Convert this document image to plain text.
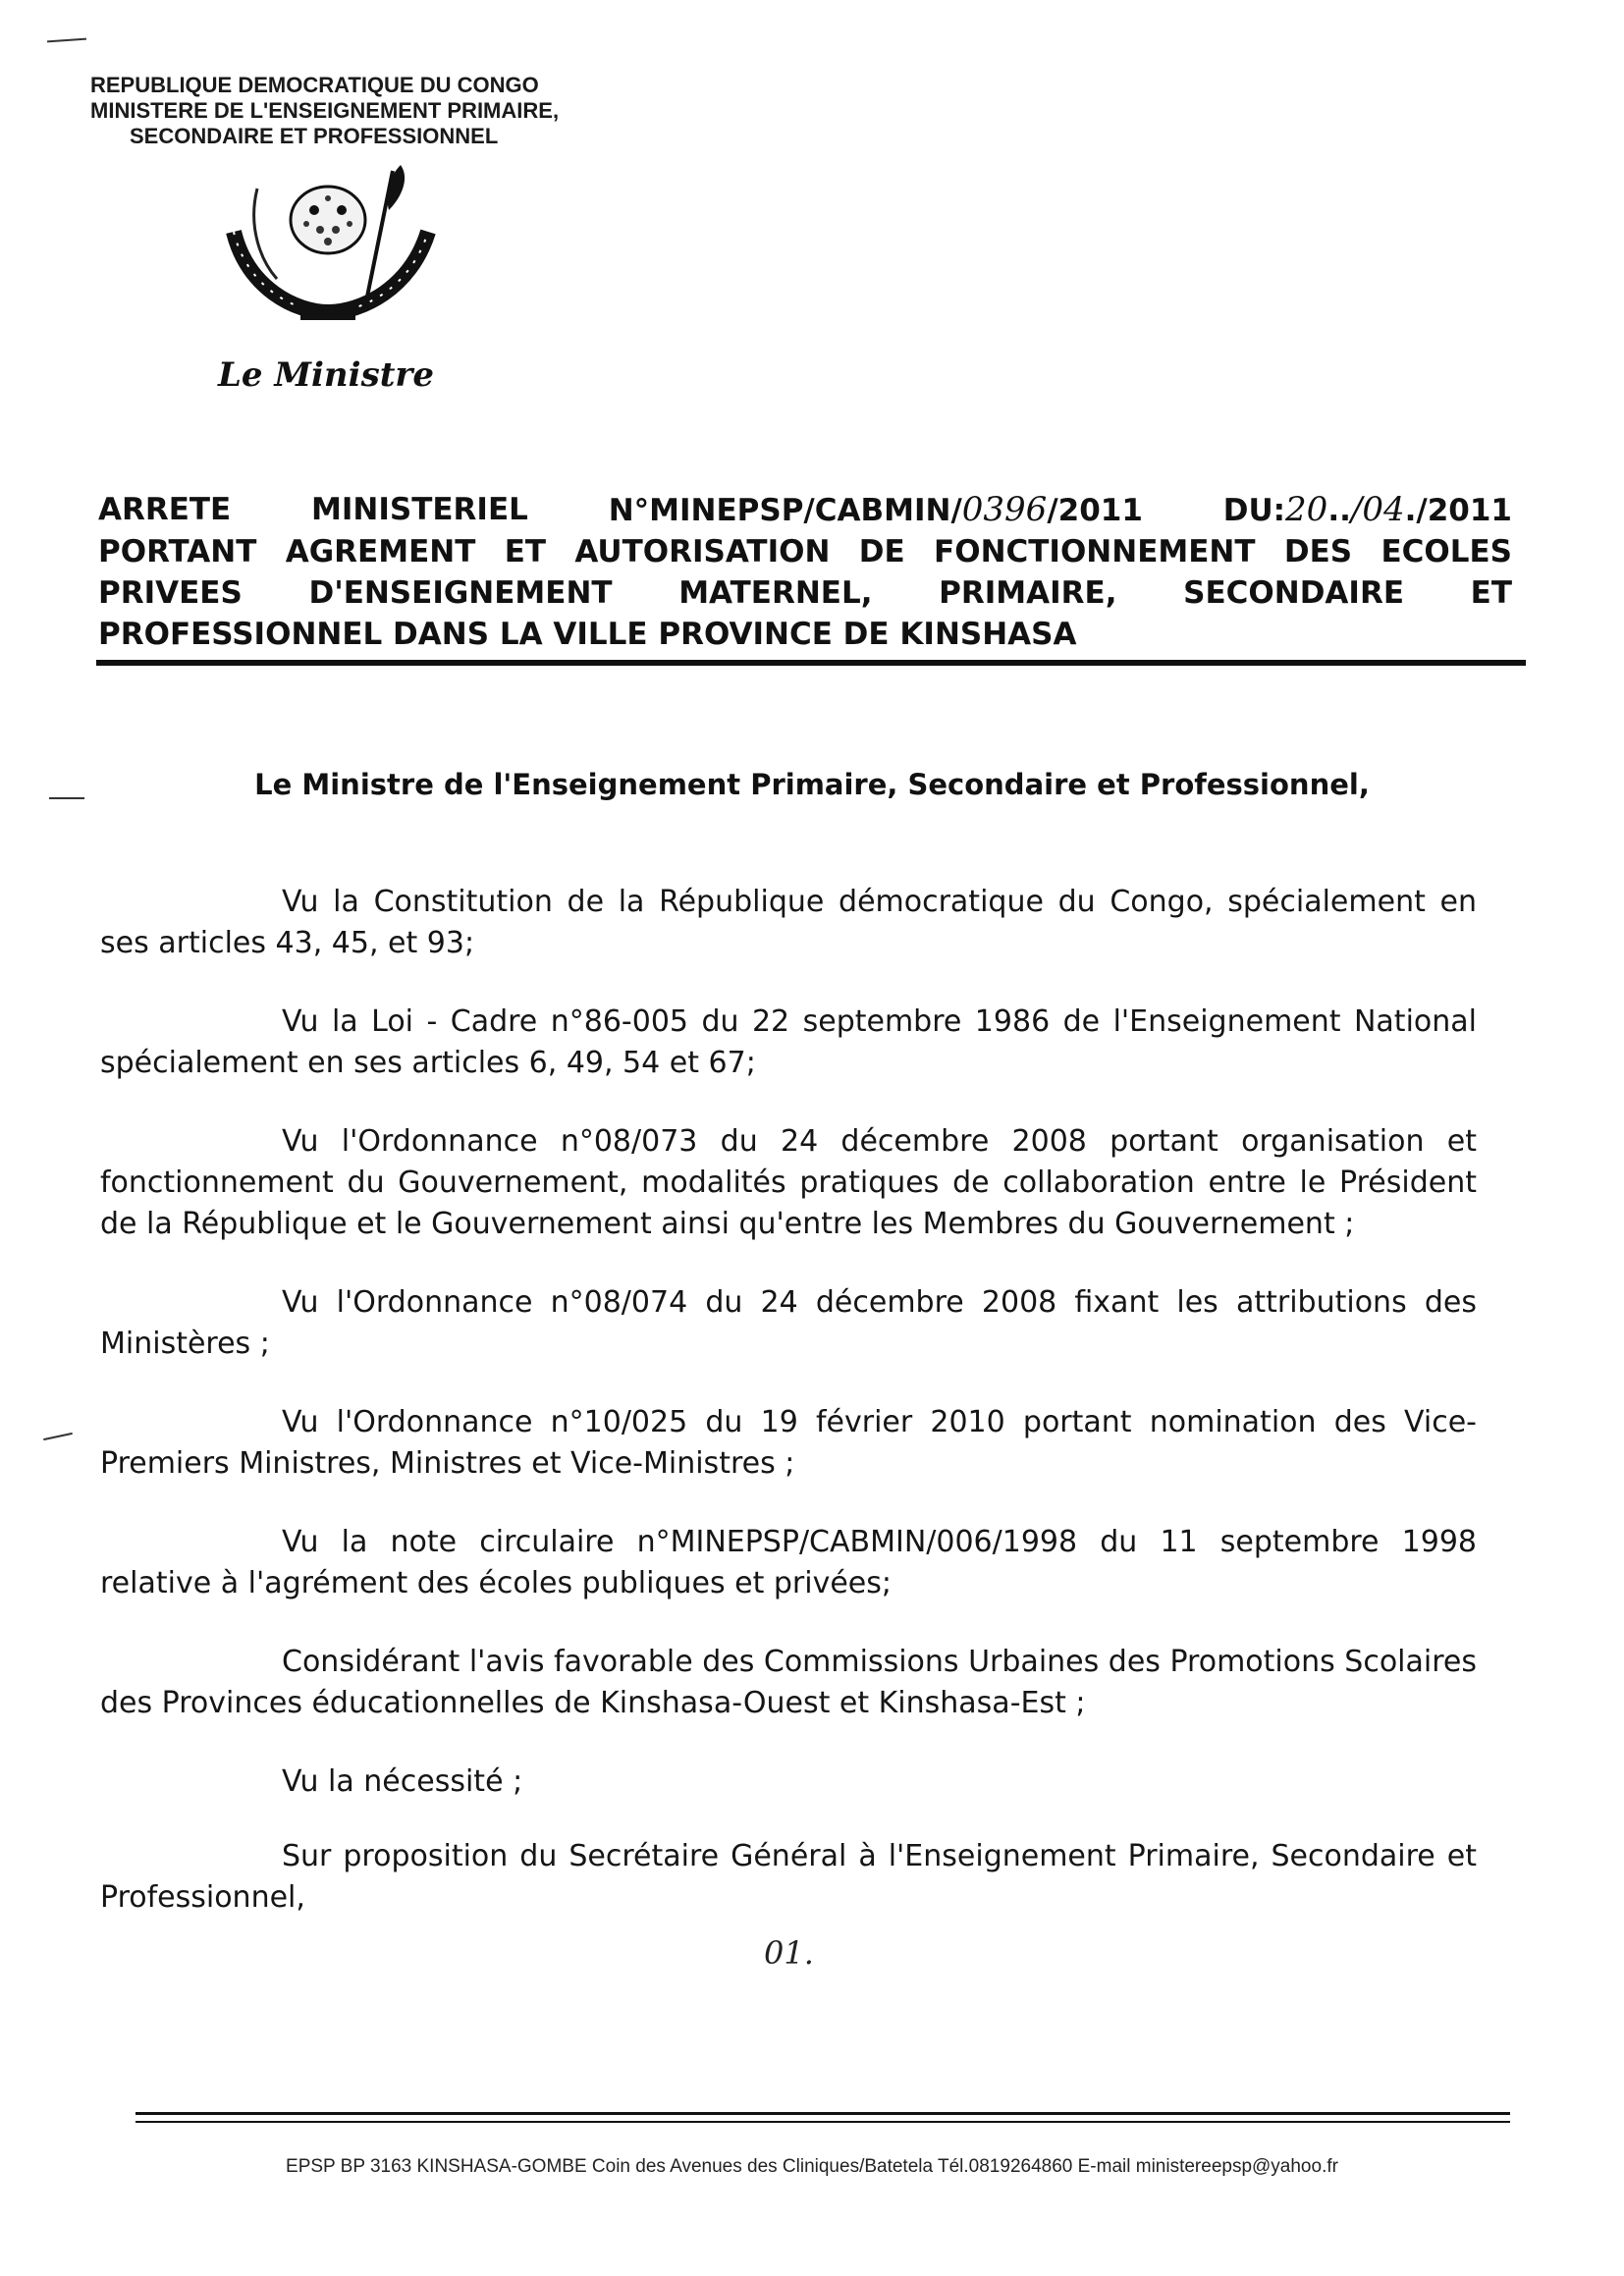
REPUBLIQUE DEMOCRATIQUE DU CONGO
MINISTERE DE L'ENSEIGNEMENT PRIMAIRE,
SECONDAIRE ET PROFESSIONNEL
Le Ministre
ARRETE	MINISTERIEL	N°MINEPSP/CABMIN/0396/2011	DU:20../04./2011
PORTANT AGREMENT ET AUTORISATION DE FONCTIONNEMENT DES ECOLES
PRIVEES D'ENSEIGNEMENT MATERNEL, PRIMAIRE, SECONDAIRE ET
PROFESSIONNEL DANS LA VILLE PROVINCE DE KINSHASA
Le Ministre de l'Enseignement Primaire, Secondaire et Professionnel,

Vu la Constitution de la République démocratique du Congo, spécialement en ses articles 43, 45, et 93;

Vu la Loi - Cadre n°86-005 du 22 septembre 1986 de l'Enseignement National spécialement en ses articles 6, 49, 54 et 67;

Vu l'Ordonnance n°08/073 du 24 décembre 2008 portant organisation et fonctionnement du Gouvernement, modalités pratiques de collaboration entre le Président de la République et le Gouvernement ainsi qu'entre les Membres du Gouvernement ;

Vu l'Ordonnance n°08/074 du 24 décembre 2008 fixant les attributions des Ministères ;

Vu l'Ordonnance n°10/025 du 19 février 2010 portant nomination des Vice-Premiers Ministres, Ministres et Vice-Ministres ;

Vu la note circulaire n°MINEPSP/CABMIN/006/1998 du 11 septembre 1998 relative à l'agrément des écoles publiques et privées;

Considérant l'avis favorable des Commissions Urbaines des Promotions Scolaires des Provinces éducationnelles de Kinshasa-Ouest et Kinshasa-Est ;

Vu la nécessité ;

Sur proposition du Secrétaire Général à l'Enseignement Primaire, Secondaire et Professionnel,

01.
EPSP BP 3163 KINSHASA-GOMBE Coin des Avenues des Cliniques/Batetela Tél.0819264860 E-mail ministereepsp@yahoo.fr
